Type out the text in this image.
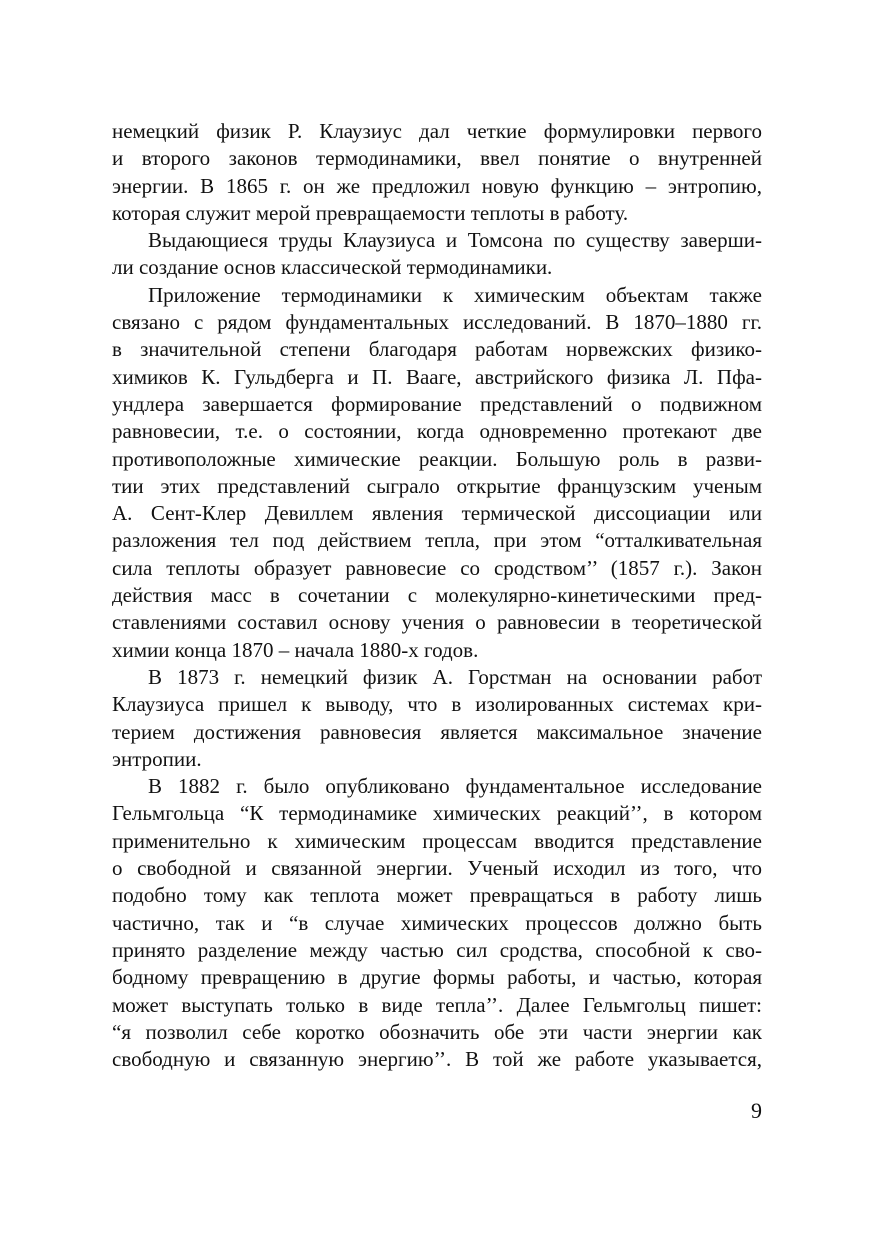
немецкий физик Р. Клаузиус дал четкие формулировки первого
и второго законов термодинамики, ввел понятие о внутренней
энергии. В 1865 г. он же предложил новую функцию – энтропию,
которая служит мерой превращаемости теплоты в работу.
Выдающиеся труды Клаузиуса и Томсона по существу заверши-
ли создание основ классической термодинамики.
Приложение термодинамики к химическим объектам также
связано с рядом фундаментальных исследований. В 1870–1880 гг.
в значительной степени благодаря работам норвежских физико-
химиков К. Гульдберга и П. Вааге, австрийского физика Л. Пфа-
ундлера завершается формирование представлений о подвижном
равновесии, т.е. о состоянии, когда одновременно протекают две
противоположные химические реакции. Большую роль в разви-
тии этих представлений сыграло открытие французским ученым
А. Сент-Клер Девиллем явления термической диссоциации или
разложения тел под действием тепла, при этом “отталкивательная
сила теплоты образует равновесие со сродством’’ (1857 г.). Закон
действия масс в сочетании с молекулярно-кинетическими пред-
ставлениями составил основу учения о равновесии в теоретической
химии конца 1870 – начала 1880-х годов.
В 1873 г. немецкий физик А. Горстман на основании работ
Клаузиуса пришел к выводу, что в изолированных системах кри-
терием достижения равновесия является максимальное значение
энтропии.
В 1882 г. было опубликовано фундаментальное исследование
Гельмгольца “К термодинамике химических реакций’’, в котором
применительно к химическим процессам вводится представление
о свободной и связанной энергии. Ученый исходил из того, что
подобно тому как теплота может превращаться в работу лишь
частично, так и “в случае химических процессов должно быть
принято разделение между частью сил сродства, способной к сво-
бодному превращению в другие формы работы, и частью, которая
может выступать только в виде тепла’’. Далее Гельмгольц пишет:
“я позволил себе коротко обозначить обе эти части энергии как
свободную и связанную энергию’’. В той же работе указывается,
9
